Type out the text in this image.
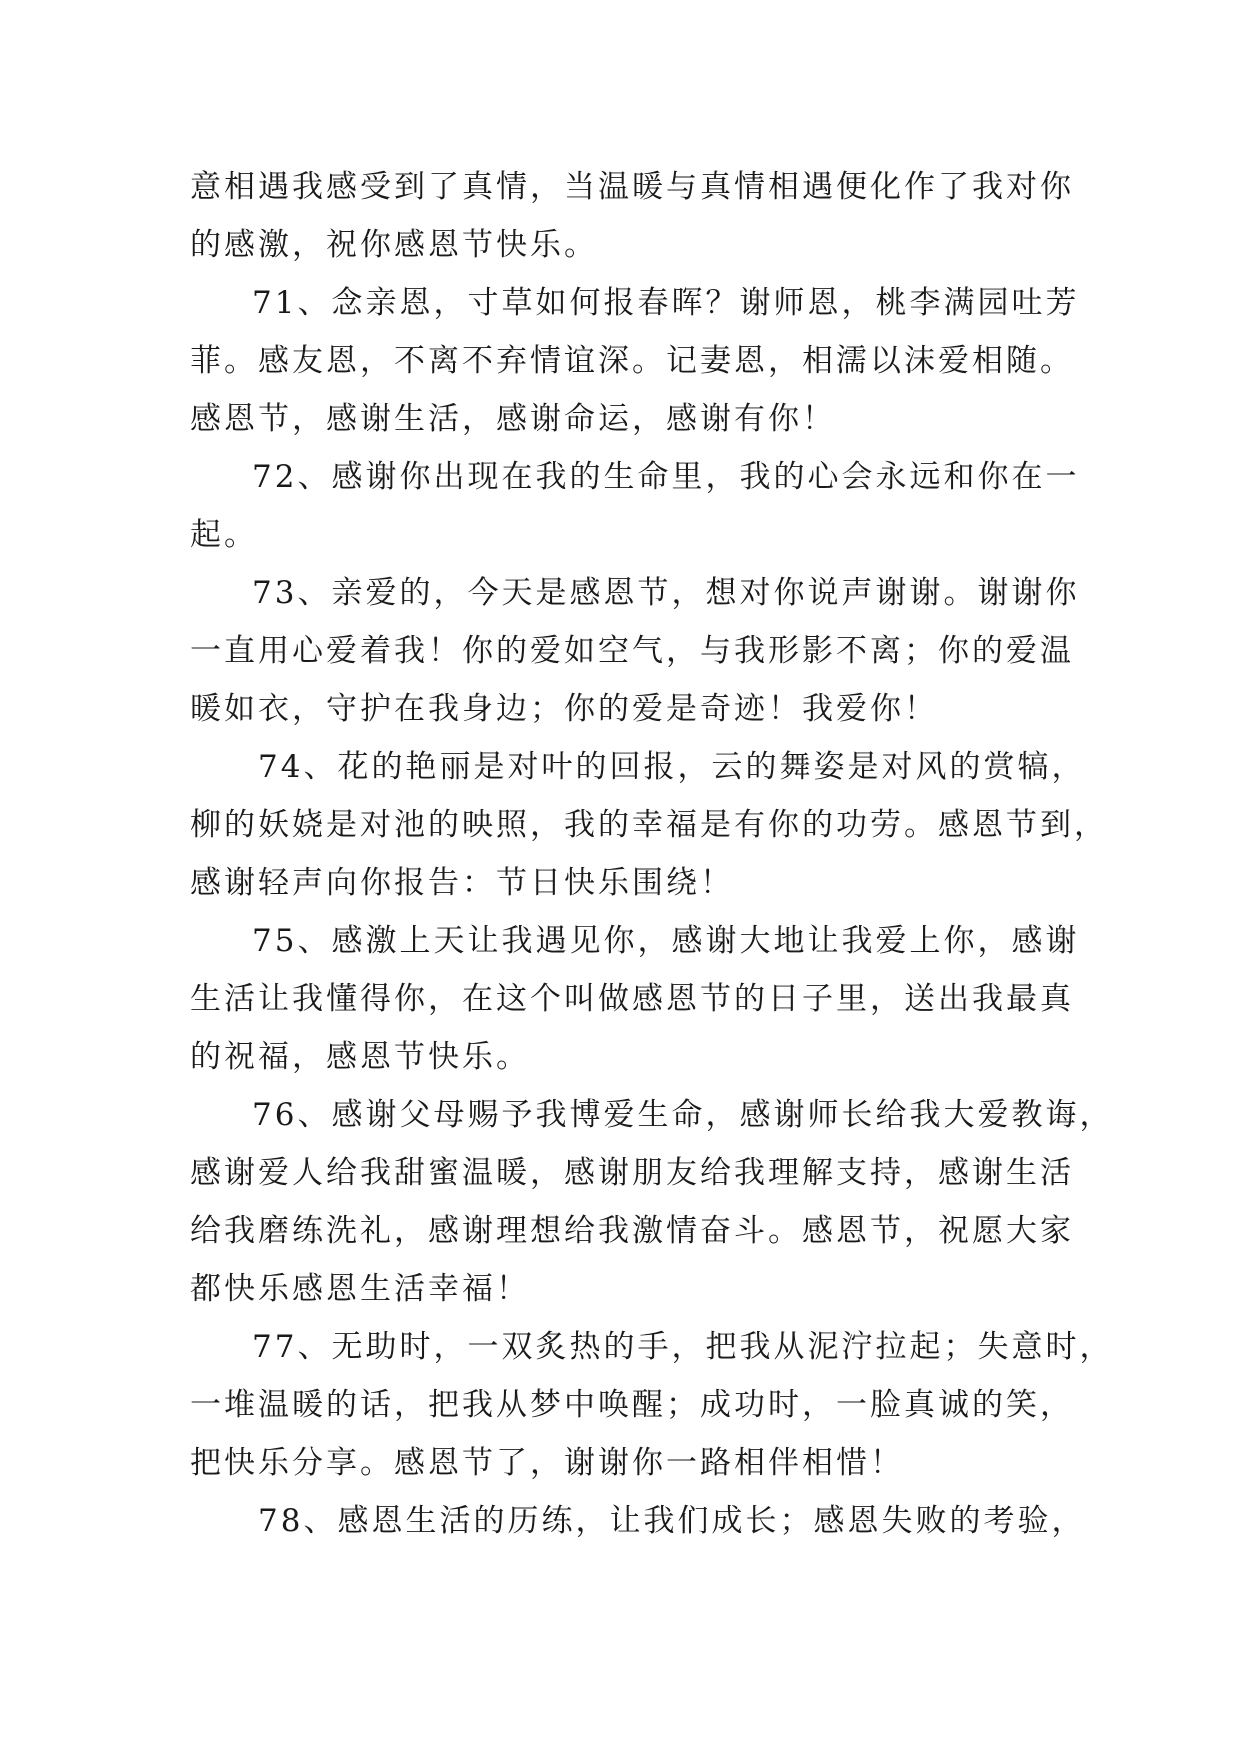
意相遇我感受到了真情，当温暖与真情相遇便化作了我对你
的感激，祝你感恩节快乐。
71、念亲恩，寸草如何报春晖？谢师恩，桃李满园吐芳
菲。感友恩，不离不弃情谊深。记妻恩，相濡以沫爱相随。
感恩节，感谢生活，感谢命运，感谢有你！
72、感谢你出现在我的生命里，我的心会永远和你在一
起。
73、亲爱的，今天是感恩节，想对你说声谢谢。谢谢你
一直用心爱着我！你的爱如空气，与我形影不离；你的爱温
暖如衣，守护在我身边；你的爱是奇迹！我爱你！
74、花的艳丽是对叶的回报，云的舞姿是对风的赏犒，
柳的妖娆是对池的映照，我的幸福是有你的功劳。感恩节到，
感谢轻声向你报告：节日快乐围绕！
75、感激上天让我遇见你，感谢大地让我爱上你，感谢
生活让我懂得你，在这个叫做感恩节的日子里，送出我最真
的祝福，感恩节快乐。
76、感谢父母赐予我博爱生命，感谢师长给我大爱教诲，
感谢爱人给我甜蜜温暖，感谢朋友给我理解支持，感谢生活
给我磨练洗礼，感谢理想给我激情奋斗。感恩节，祝愿大家
都快乐感恩生活幸福！
77、无助时，一双炙热的手，把我从泥泞拉起；失意时，
一堆温暖的话，把我从梦中唤醒；成功时，一脸真诚的笑，
把快乐分享。感恩节了，谢谢你一路相伴相惜！
78、感恩生活的历练，让我们成长；感恩失败的考验，
